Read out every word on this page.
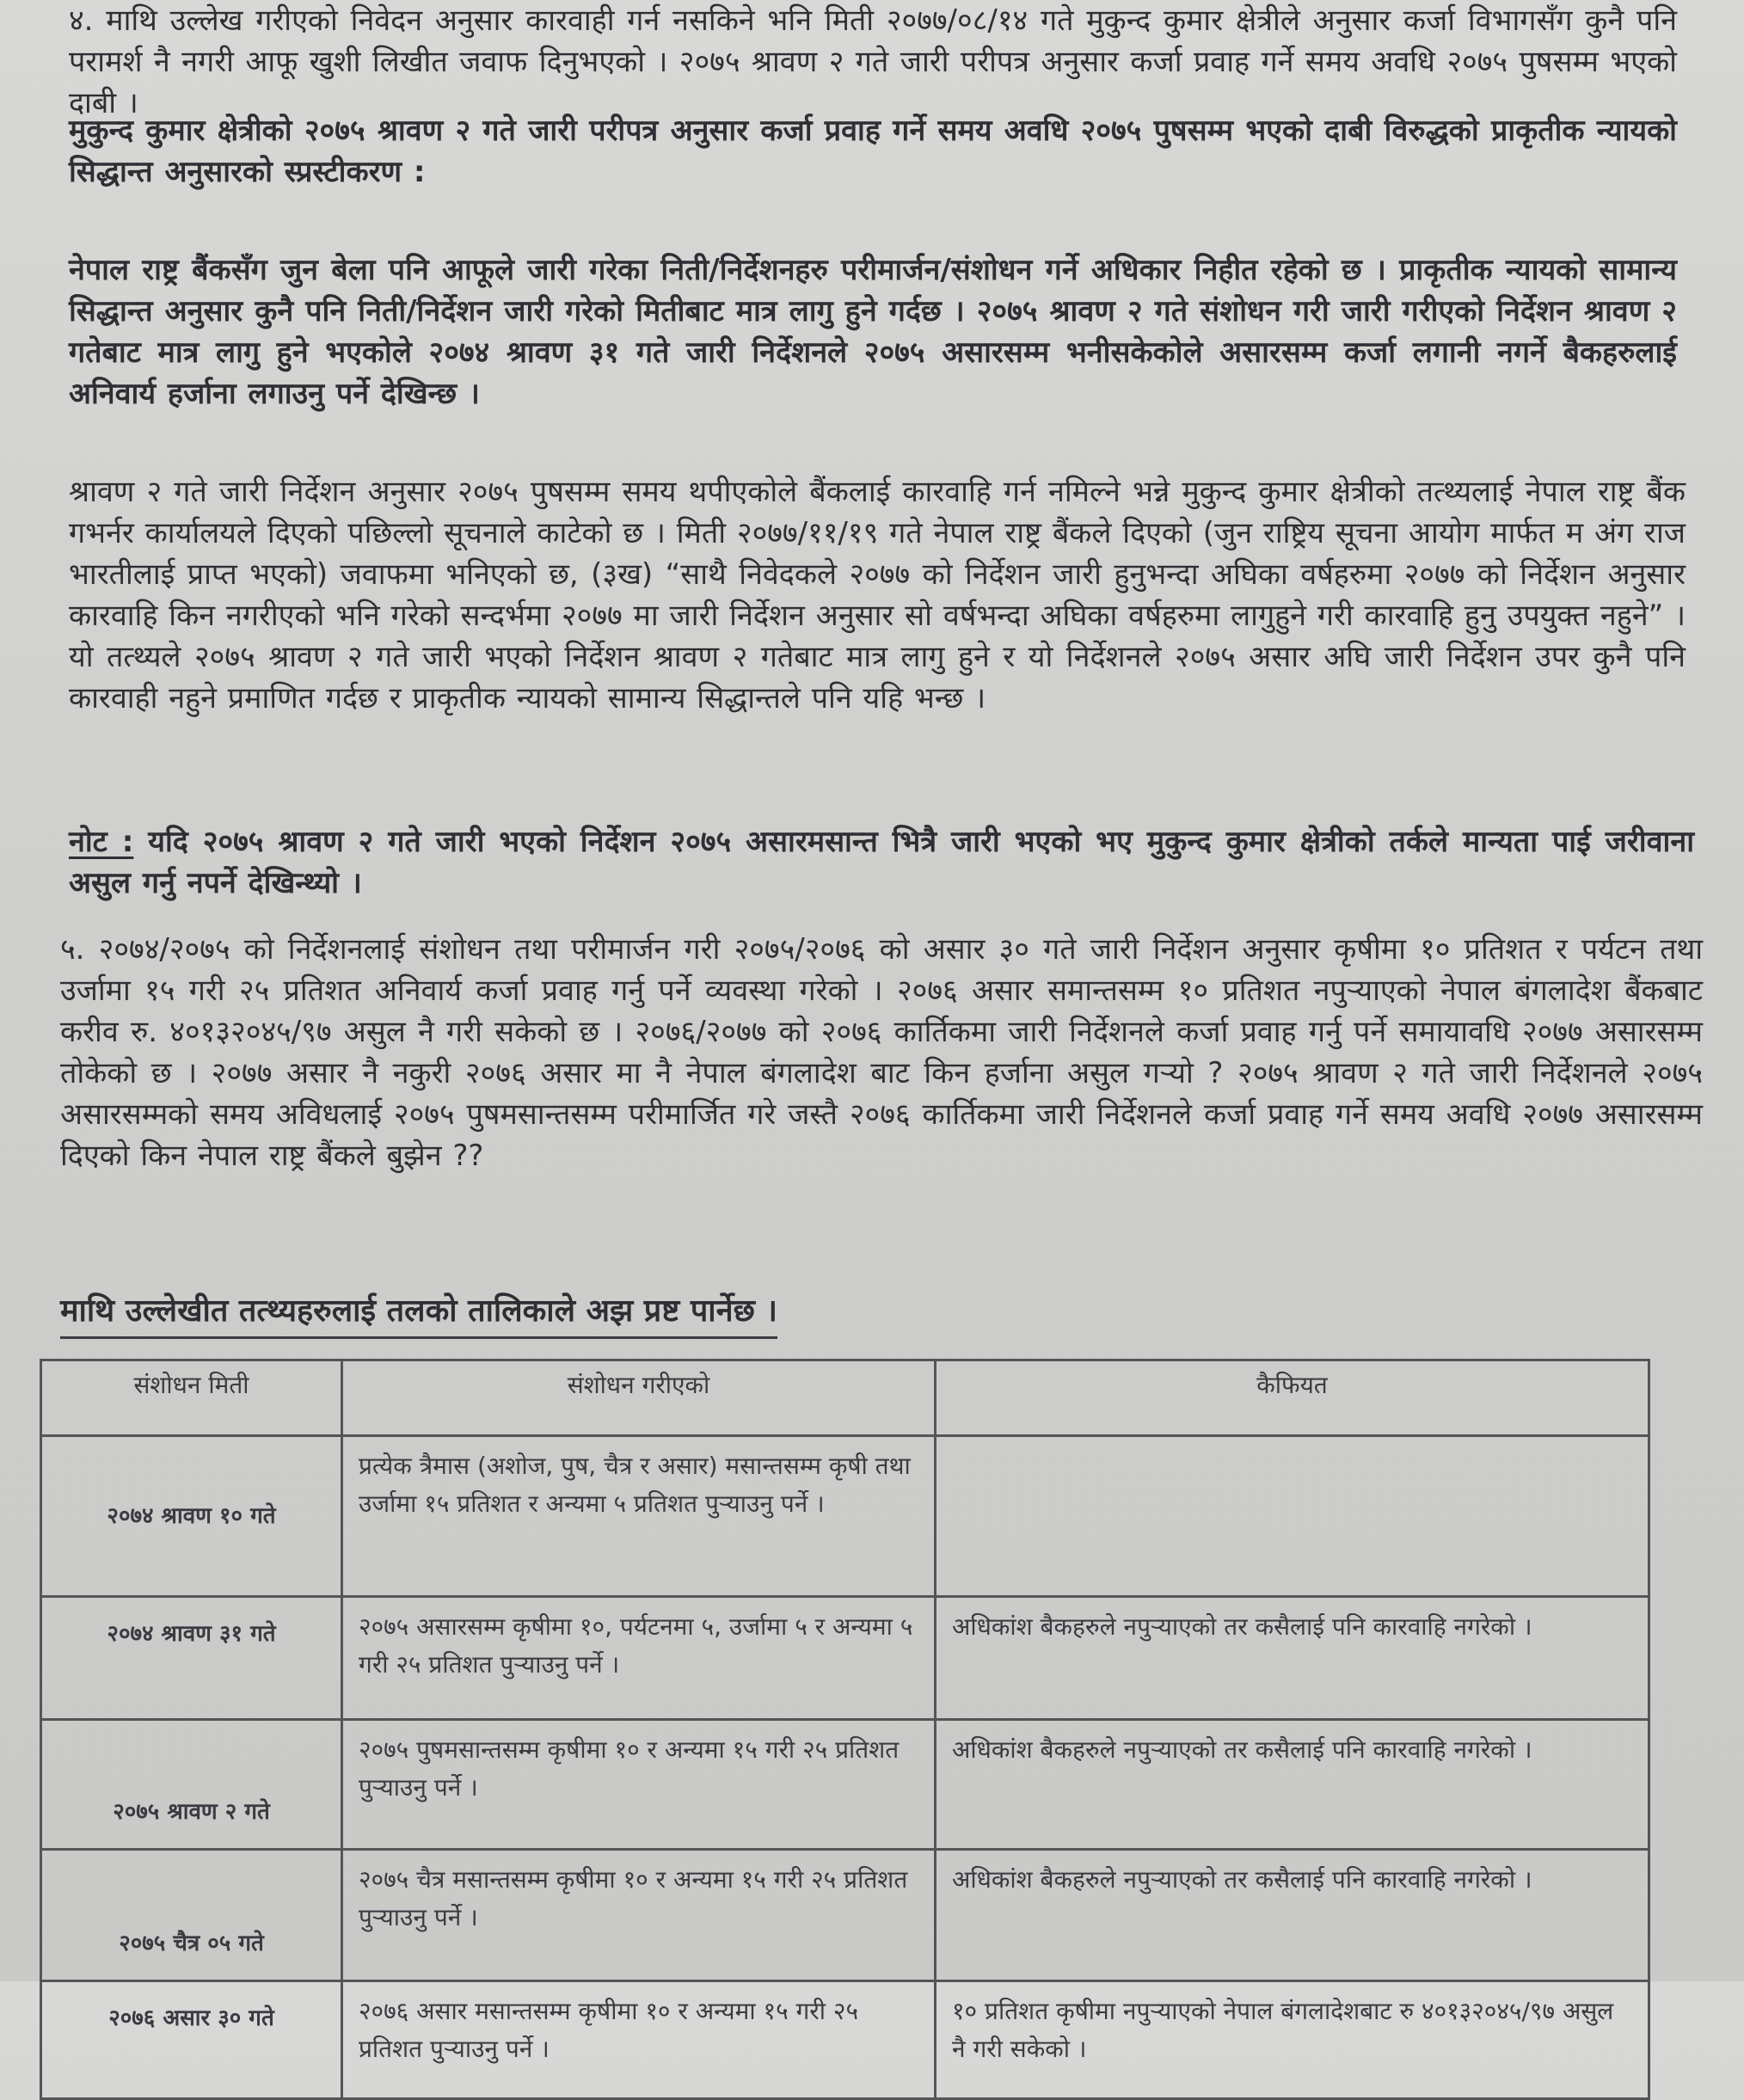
४. माथि उल्लेख गरीएको निवेदन अनुसार कारवाही गर्न नसकिने भनि मिती २०७७/०८/१४ गते मुकुन्द कुमार क्षेत्रीले अनुसार कर्जा विभागसँग कुनै पनि परामर्श नै नगरी आफू खुशी लिखीत जवाफ दिनुभएको । २०७५ श्रावण २ गते जारी परीपत्र अनुसार कर्जा प्रवाह गर्ने समय अवधि २०७५ पुषसम्म भएको दाबी ।

मुकुन्द कुमार क्षेत्रीको २०७५ श्रावण २ गते जारी परीपत्र अनुसार कर्जा प्रवाह गर्ने समय अवधि २०७५ पुषसम्म भएको दाबी विरुद्धको प्राकृतीक न्यायको सिद्धान्त अनुसारको स्प्रस्टीकरण :

नेपाल राष्ट्र बैंकसँग जुन बेला पनि आफूले जारी गरेका निती/निर्देशनहरु परीमार्जन/संशोधन गर्ने अधिकार निहीत रहेको छ । प्राकृतीक न्यायको सामान्य सिद्धान्त अनुसार कुनै पनि निती/निर्देशन जारी गरेको मितीबाट मात्र लागु हुने गर्दछ । २०७५ श्रावण २ गते संशोधन गरी जारी गरीएको निर्देशन श्रावण २ गतेबाट मात्र लागु हुने भएकोले २०७४ श्रावण ३१ गते जारी निर्देशनले २०७५ असारसम्म भनीसकेकोले असारसम्म कर्जा लगानी नगर्ने बैकहरुलाई अनिवार्य हर्जाना लगाउनु पर्ने देखिन्छ ।

श्रावण २ गते जारी निर्देशन अनुसार २०७५ पुषसम्म समय थपीएकोले बैंकलाई कारवाहि गर्न नमिल्ने भन्ने मुकुन्द कुमार क्षेत्रीको तत्थ्यलाई नेपाल राष्ट्र बैंक गभर्नर कार्यालयले दिएको पछिल्लो सूचनाले काटेको छ । मिती २०७७/११/१९ गते नेपाल राष्ट्र बैंकले दिएको (जुन राष्ट्रिय सूचना आयोग मार्फत म अंग राज भारतीलाई प्राप्त भएको) जवाफमा भनिएको छ, (३ख) “साथै निवेदकले २०७७ को निर्देशन जारी हुनुभन्दा अघिका वर्षहरुमा २०७७ को निर्देशन अनुसार कारवाहि किन नगरीएको भनि गरेको सन्दर्भमा २०७७ मा जारी निर्देशन अनुसार सो वर्षभन्दा अघिका वर्षहरुमा लागुहुने गरी कारवाहि हुनु उपयुक्त नहुने” । यो तत्थ्यले २०७५ श्रावण २ गते जारी भएको निर्देशन श्रावण २ गतेबाट मात्र लागु हुने र यो निर्देशनले २०७५ असार अघि जारी निर्देशन उपर कुनै पनि कारवाही नहुने प्रमाणित गर्दछ र प्राकृतीक न्यायको सामान्य सिद्धान्तले पनि यहि भन्छ ।

नोट : यदि २०७५ श्रावण २ गते जारी भएको निर्देशन २०७५ असारमसान्त भित्रै जारी भएको भए मुकुन्द कुमार क्षेत्रीको तर्कले मान्यता पाई जरीवाना असुल गर्नु नपर्ने देखिन्थ्यो ।

५. २०७४/२०७५ को निर्देशनलाई संशोधन तथा परीमार्जन गरी २०७५/२०७६ को असार ३० गते जारी निर्देशन अनुसार कृषीमा १० प्रतिशत र पर्यटन तथा उर्जामा १५ गरी २५ प्रतिशत अनिवार्य कर्जा प्रवाह गर्नु पर्ने व्यवस्था गरेको । २०७६ असार समान्तसम्म १० प्रतिशत नपुऱ्याएको नेपाल बंगलादेश बैंकबाट करीव रु. ४०१३२०४५/९७ असुल नै गरी सकेको छ । २०७६/२०७७ को २०७६ कार्तिकमा जारी निर्देशनले कर्जा प्रवाह गर्नु पर्ने समायावधि २०७७ असारसम्म तोकेको छ । २०७७ असार नै नकुरी २०७६ असार मा नै नेपाल बंगलादेश बाट किन हर्जाना असुल गऱ्यो ? २०७५ श्रावण २ गते जारी निर्देशनले २०७५ असारसम्मको समय अविधलाई २०७५ पुषमसान्तसम्म परीमार्जित गरे जस्तै २०७६ कार्तिकमा जारी निर्देशनले कर्जा प्रवाह गर्ने समय अवधि २०७७ असारसम्म दिएको किन नेपाल राष्ट्र बैंकले बुझेन ??

माथि उल्लेखीत तत्थ्यहरुलाई तलको तालिकाले अझ प्रष्ट पार्नेछ ।
संशोधन मिती	संशोधन गरीएको	कैफियत
२०७४ श्रावण १० गते	प्रत्येक त्रैमास (अशोज, पुष, चैत्र र असार) मसान्तसम्म कृषी तथा उर्जामा १५ प्रतिशत र अन्यमा ५ प्रतिशत पुऱ्याउनु पर्ने ।	
२०७४ श्रावण ३१ गते	२०७५ असारसम्म कृषीमा १०, पर्यटनमा ५, उर्जामा ५ र अन्यमा ५ गरी २५ प्रतिशत पुऱ्याउनु पर्ने ।	अधिकांश बैकहरुले नपुऱ्याएको तर कसैलाई पनि कारवाहि नगरेको ।
२०७५ श्रावण २ गते	२०७५ पुषमसान्तसम्म कृषीमा १० र अन्यमा १५ गरी २५ प्रतिशत पुऱ्याउनु पर्ने ।	अधिकांश बैकहरुले नपुऱ्याएको तर कसैलाई पनि कारवाहि नगरेको ।
२०७५ चैत्र ०५ गते	२०७५ चैत्र मसान्तसम्म कृषीमा १० र अन्यमा १५ गरी २५ प्रतिशत पुऱ्याउनु पर्ने ।	अधिकांश बैकहरुले नपुऱ्याएको तर कसैलाई पनि कारवाहि नगरेको ।
२०७६ असार ३० गते	२०७६ असार मसान्तसम्म कृषीमा १० र अन्यमा १५ गरी २५ प्रतिशत पुऱ्याउनु पर्ने ।	१० प्रतिशत कृषीमा नपुऱ्याएको नेपाल बंगलादेशबाट रु ४०१३२०४५/९७ असुल नै गरी सकेको ।
